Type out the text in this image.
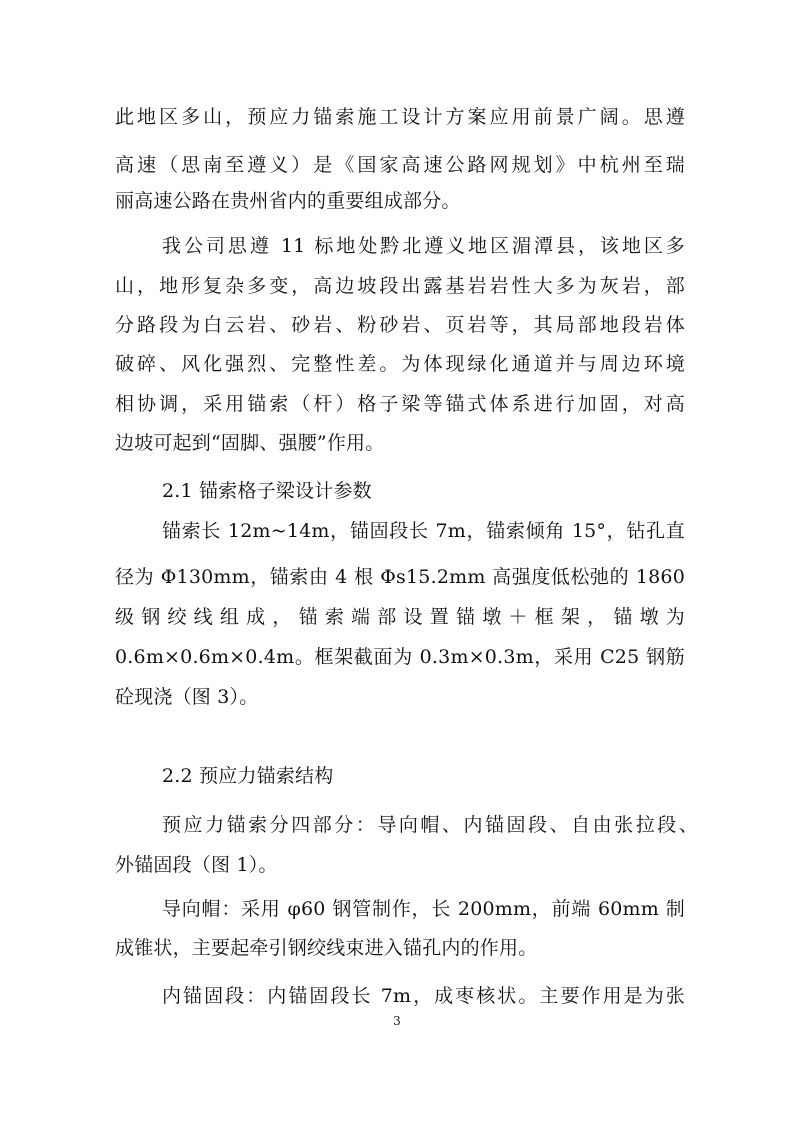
此地区多山，预应力锚索施工设计方案应用前景广阔。思遵
高速（思南至遵义）是《国家高速公路网规划》中杭州至瑞
丽高速公路在贵州省内的重要组成部分。
我公司思遵 11 标地处黔北遵义地区湄潭县，该地区多
山，地形复杂多变，高边坡段出露基岩岩性大多为灰岩，部
分路段为白云岩、砂岩、粉砂岩、页岩等，其局部地段岩体
破碎、风化强烈、完整性差。为体现绿化通道并与周边环境
相协调，采用锚索（杆）格子梁等锚式体系进行加固，对高
边坡可起到“固脚、强腰”作用。
2.1 锚索格子梁设计参数
锚索长 12m~14m，锚固段长 7m，锚索倾角 15°，钻孔直
径为 Φ130mm，锚索由 4 根 Φs15.2mm 高强度低松弛的 1860
级钢绞线组成，锚索端部设置锚墩＋框架，锚墩为
0.6m×0.6m×0.4m。框架截面为 0.3m×0.3m，采用 C25 钢筋
砼现浇（图 3）。
2.2 预应力锚索结构
预应力锚索分四部分：导向帽、内锚固段、自由张拉段、
外锚固段（图 1）。
导向帽：采用 φ60 钢管制作，长 200mm，前端 60mm 制
成锥状，主要起牵引钢绞线束进入锚孔内的作用。
内锚固段：内锚固段长 7m，成枣核状。主要作用是为张
3
